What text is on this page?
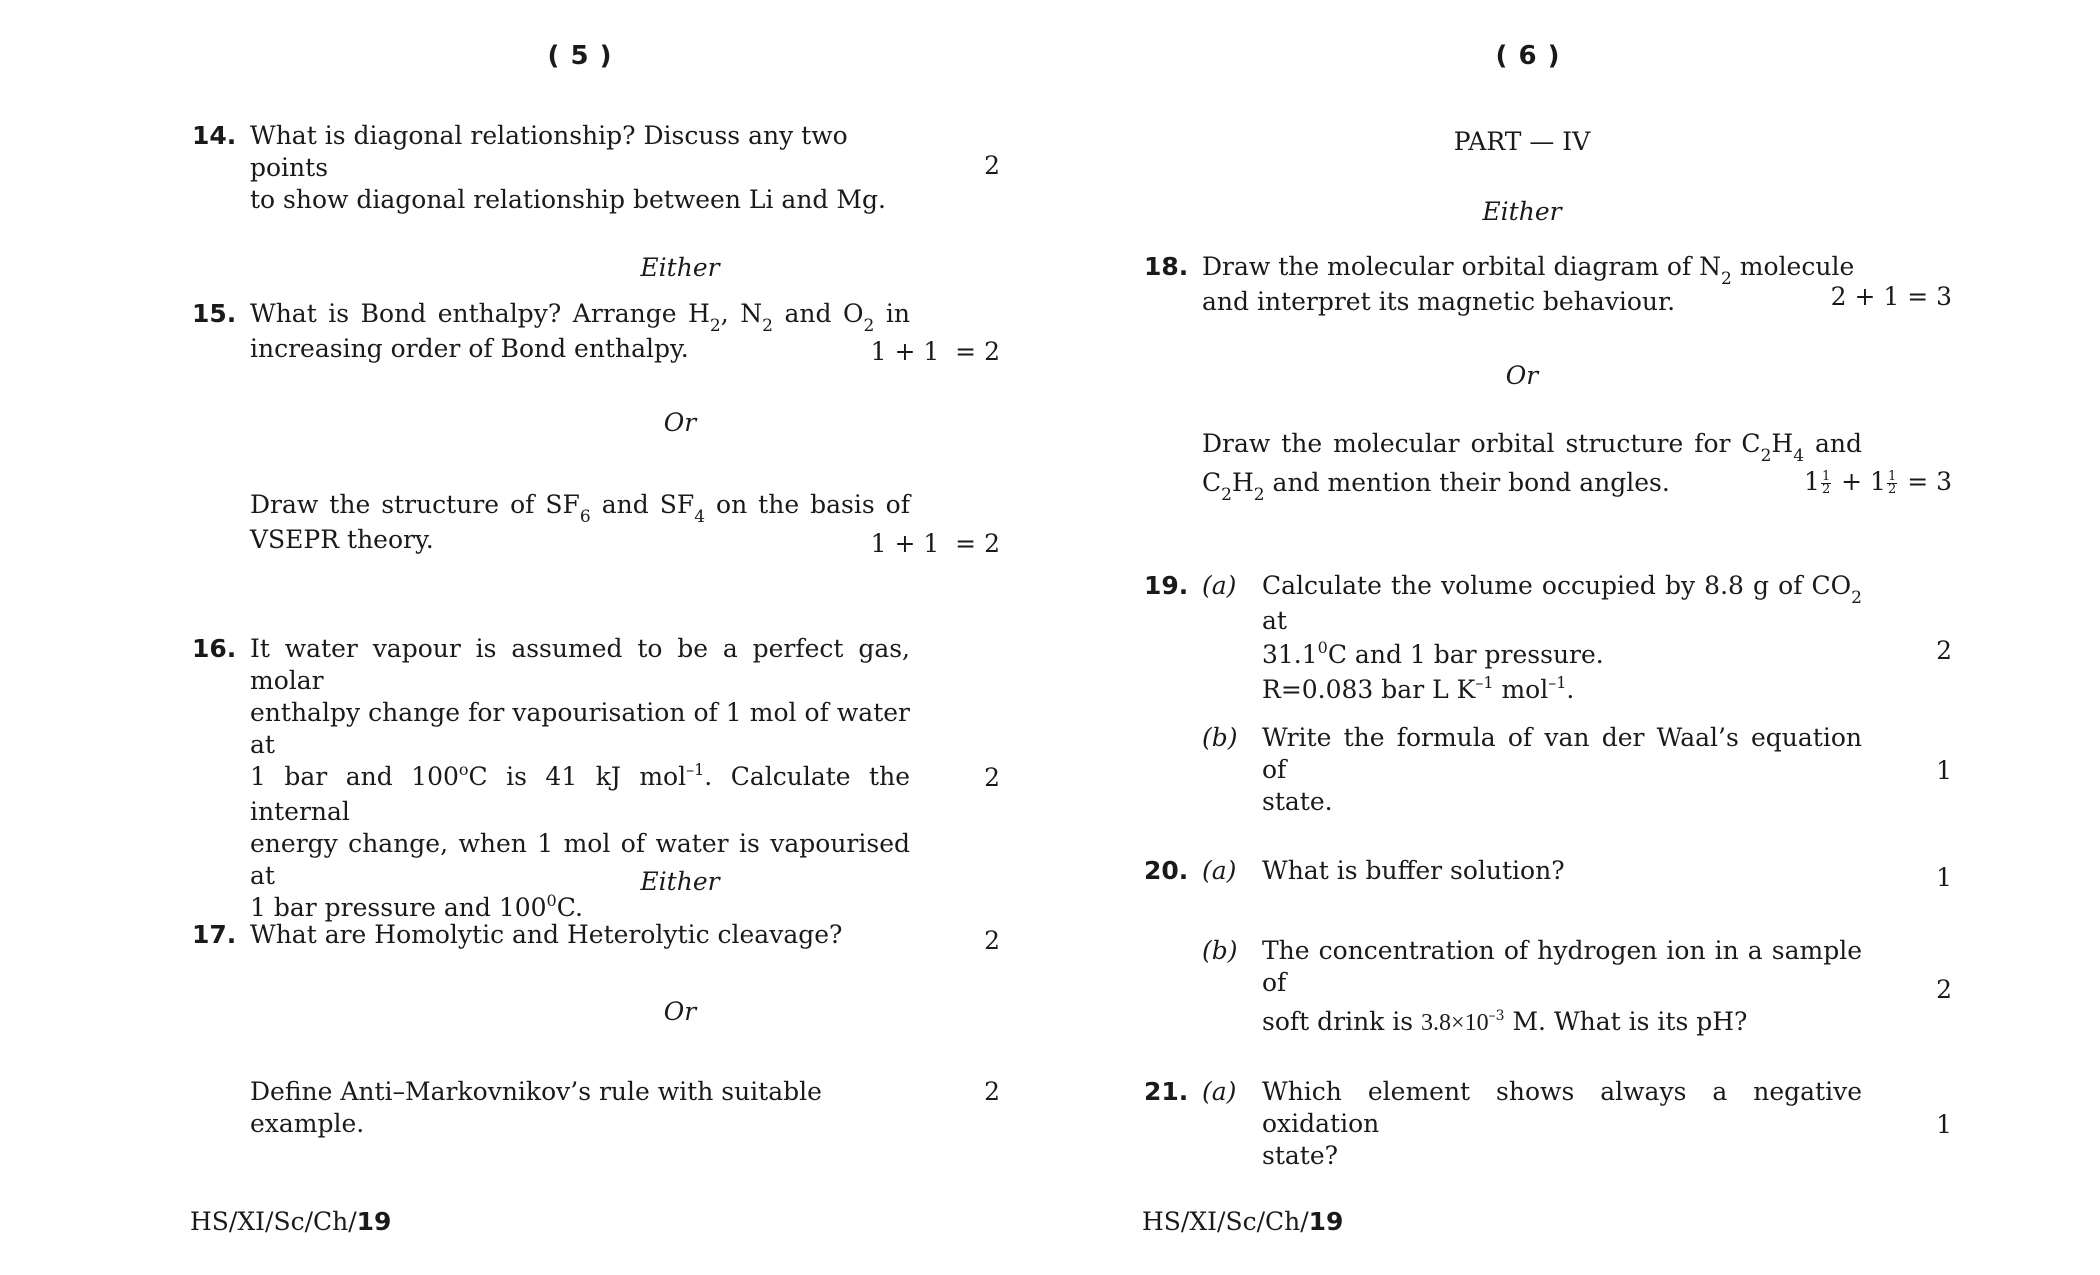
( 5 )
14. What is diagonal relationship? Discuss any two points
to show diagonal relationship between Li and Mg.
2
Either
15. What is Bond enthalpy? Arrange $H_2$, $N_2$ and $O_2$ in
increasing order of Bond enthalpy.	1 + 1  = 2
Or
Draw the structure of $SF_6$ and $SF_4$ on the basis of
VSEPR theory.	1 + 1  = 2
16. It water vapour is assumed to be a perfect gas, molar
enthalpy change for vapourisation of 1 mol of water at
1 bar and 100$^o$C is 41 kJ mol$^{-1}$. Calculate the internal
energy change, when 1 mol of water is vapourised at
1 bar pressure and $100^0C$.
2
Either
17. What are Homolytic and Heterolytic cleavage?	2
Or
Define Anti–Markovnikov’s rule with suitable example.
2
HS/XI/Sc/Ch/19
( 6 )
PART — IV
Either
18. Draw the molecular orbital diagram of $N_2$ molecule
and interpret its magnetic behaviour.	2 + 1 = 3
Or
Draw the molecular orbital structure for $C_2H_4$ and
$C_2H_2$ and mention their bond angles.	$1 \frac{1}{2} + 1 \frac{1}{2} = 3$
19. (a) Calculate the volume occupied by 8.8 g of $CO_2$ at
31.1$^0$C and 1 bar pressure.
R=0.083 bar L $K^{-1}$ mol$^{-1}$.
2
(b) Write the formula of van der Waal’s equation of
state.
1
20. (a) What is buffer solution?	1
(b) The concentration of hydrogen ion in a sample of
soft drink is $3.8\times 10^{-3}$ M. What is its pH?
2
21. (a) Which element shows always a negative oxidation
state?
1
HS/XI/Sc/Ch/19
